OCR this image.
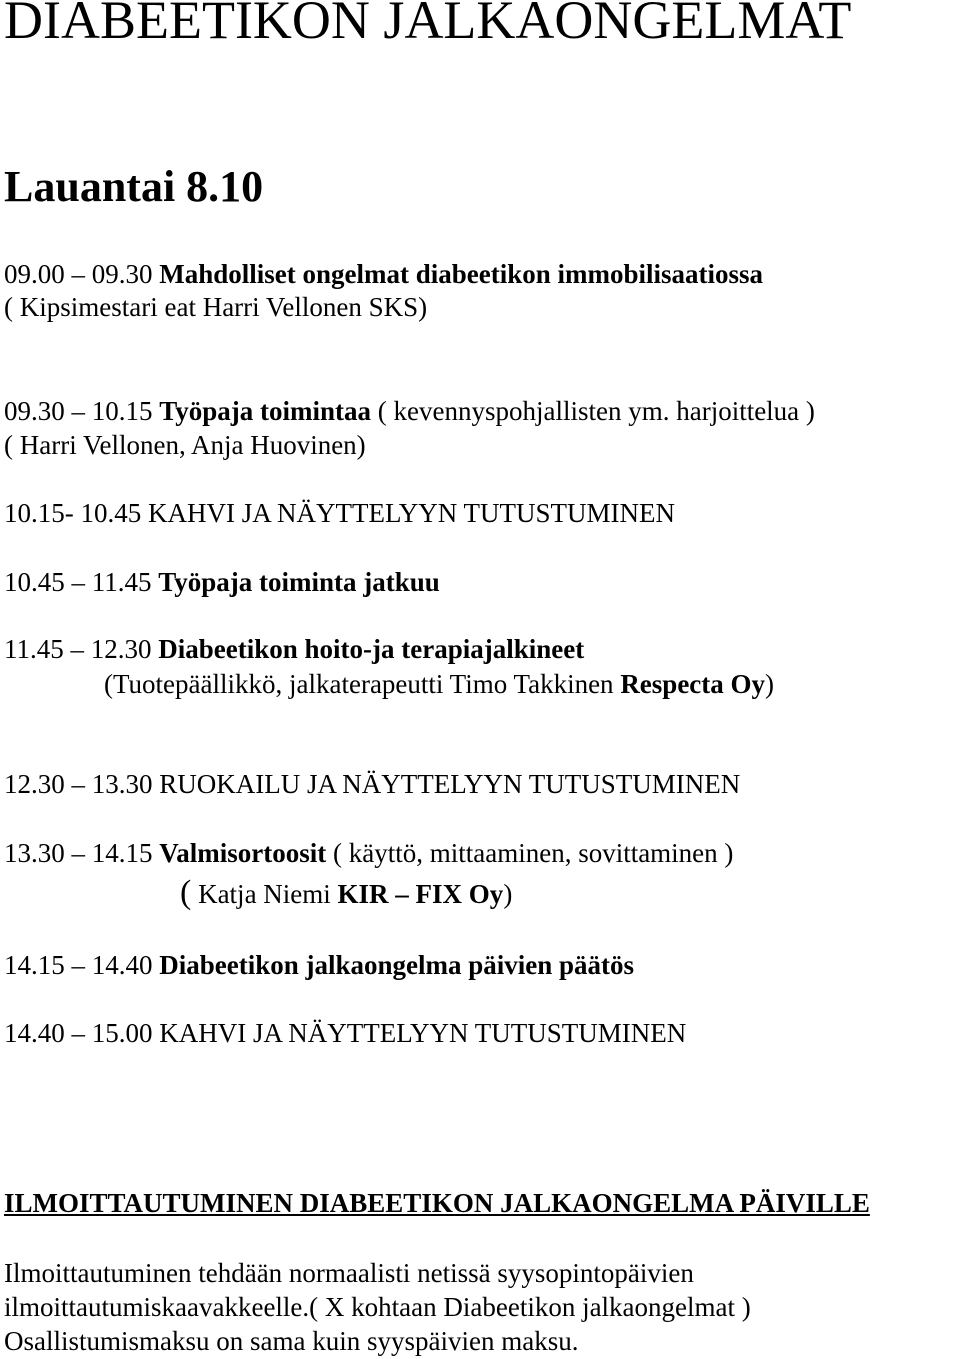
DIABEETIKON JALKAONGELMAT
Lauantai 8.10
09.00 – 09.30 Mahdolliset ongelmat diabeetikon immobilisaatiossa
( Kipsimestari eat Harri Vellonen SKS)
09.30 – 10.15 Työpaja toimintaa ( kevennyspohjallisten ym. harjoittelua )
( Harri Vellonen, Anja Huovinen)
10.15- 10.45 KAHVI JA NÄYTTELYYN TUTUSTUMINEN
10.45 – 11.45 Työpaja toiminta jatkuu
11.45 – 12.30 Diabeetikon hoito-ja terapiajalkineet
(Tuotepäällikkö, jalkaterapeutti Timo Takkinen Respecta Oy)
12.30 – 13.30 RUOKAILU JA NÄYTTELYYN TUTUSTUMINEN
13.30 – 14.15 Valmisortoosit ( käyttö, mittaaminen, sovittaminen )
( Katja Niemi KIR – FIX Oy)
14.15 – 14.40 Diabeetikon jalkaongelma päivien päätös
14.40 – 15.00 KAHVI JA NÄYTTELYYN TUTUSTUMINEN
ILMOITTAUTUMINEN DIABEETIKON JALKAONGELMA PÄIVILLE
Ilmoittautuminen tehdään normaalisti netissä syysopintopäivien
ilmoittautumiskaavakkeelle.( X kohtaan Diabeetikon jalkaongelmat )
Osallistumismaksu on sama kuin syyspäivien maksu.
